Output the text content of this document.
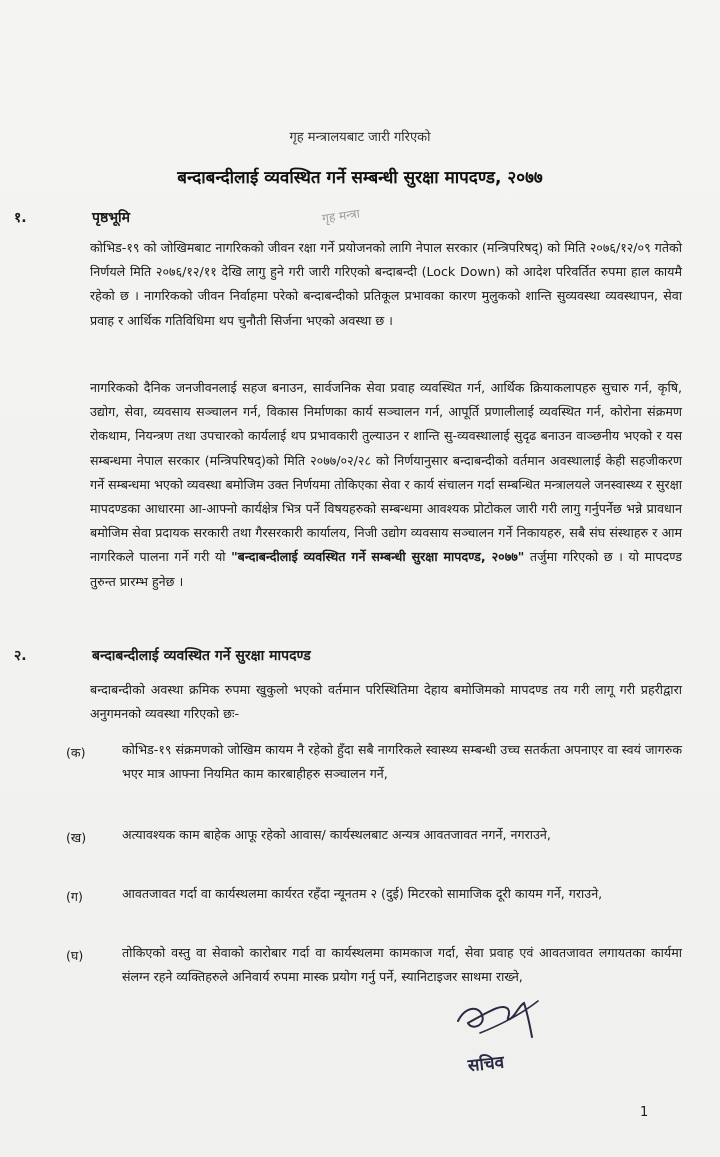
गृह मन्त्रालयबाट जारी गरिएको
बन्दाबन्दीलाई व्यवस्थित गर्ने सम्बन्धी सुरक्षा मापदण्ड, २०७७
गृह मन्त्रा
१.	पृष्ठभूमि
कोभिड-१९ को जोखिमबाट नागरिकको जीवन रक्षा गर्ने प्रयोजनको लागि नेपाल सरकार (मन्त्रिपरिषद्) को मिति २०७६/१२/०९ गतेको निर्णयले मिति २०७६/१२/११ देखि लागु हुने गरी जारी गरिएको बन्दाबन्दी (Lock Down) को आदेश परिवर्तित रुपमा हाल कायमै रहेको छ । नागरिकको जीवन निर्वाहमा परेको बन्दाबन्दीको प्रतिकूल प्रभावका कारण मुलुकको शान्ति सुव्यवस्था व्यवस्थापन, सेवा प्रवाह र आर्थिक गतिविधिमा थप चुनौती सिर्जना भएको अवस्था छ ।
नागरिकको दैनिक जनजीवनलाई सहज बनाउन, सार्वजनिक सेवा प्रवाह व्यवस्थित गर्न, आर्थिक क्रियाकलापहरु सुचारु गर्न, कृषि, उद्योग, सेवा, व्यवसाय सञ्चालन गर्न, विकास निर्माणका कार्य सञ्चालन गर्न, आपूर्ति प्रणालीलाई व्यवस्थित गर्न, कोरोना संक्रमण रोकथाम, नियन्त्रण तथा उपचारको कार्यलाई थप प्रभावकारी तुल्याउन र शान्ति सु-व्यवस्थालाई सुदृढ बनाउन वाञ्छनीय भएको र यस सम्बन्धमा नेपाल सरकार (मन्त्रिपरिषद्)को मिति २०७७/०२/२८ को निर्णयानुसार बन्दाबन्दीको वर्तमान अवस्थालाई केही सहजीकरण गर्ने सम्बन्धमा भएको व्यवस्था बमोजिम उक्त निर्णयमा तोकिएका सेवा र कार्य संचालन गर्दा सम्बन्धित मन्त्रालयले जनस्वास्थ्य र सुरक्षा मापदण्डका आधारमा आ-आफ्नो कार्यक्षेत्र भित्र पर्ने विषयहरुको सम्बन्धमा आवश्यक प्रोटोकल जारी गरी लागु गर्नुपर्नेछ भन्ने प्रावधान बमोजिम सेवा प्रदायक सरकारी तथा गैरसरकारी कार्यालय, निजी उद्योग व्यवसाय सञ्चालन गर्ने निकायहरु, सबै संघ संस्थाहरु र आम नागरिकले पालना गर्ने गरी यो "बन्दाबन्दीलाई व्यवस्थित गर्ने सम्बन्धी सुरक्षा मापदण्ड, २०७७" तर्जुमा गरिएको छ । यो मापदण्ड तुरुन्त प्रारम्भ हुनेछ ।
२.	बन्दाबन्दीलाई व्यवस्थित गर्ने सुरक्षा मापदण्ड
बन्दाबन्दीको अवस्था क्रमिक रुपमा खुकुलो भएको वर्तमान परिस्थितिमा देहाय बमोजिमको मापदण्ड तय गरी लागू गरी प्रहरीद्वारा अनुगमनको व्यवस्था गरिएको छः-
(क)	कोभिड-१९ संक्रमणको जोखिम कायम नै रहेको हुँदा सबै नागरिकले स्वास्थ्य सम्बन्धी उच्च सतर्कता अपनाएर वा स्वयं जागरुक भएर मात्र आफ्ना नियमित काम कारबाहीहरु सञ्चालन गर्ने,
(ख)	अत्यावश्यक काम बाहेक आफू रहेको आवास/ कार्यस्थलबाट अन्यत्र आवतजावत नगर्ने, नगराउने,
(ग)	आवतजावत गर्दा वा कार्यस्थलमा कार्यरत रहँदा न्यूनतम २ (दुई) मिटरको सामाजिक दूरी कायम गर्ने, गराउने,
(घ)	तोकिएको वस्तु वा सेवाको कारोबार गर्दा वा कार्यस्थलमा कामकाज गर्दा, सेवा प्रवाह एवं आवतजावत लगायतका कार्यमा संलग्न रहने व्यक्तिहरुले अनिवार्य रुपमा मास्क प्रयोग गर्नु पर्ने, स्यानिटाइजर साथमा राख्ने,
सचिव
1
